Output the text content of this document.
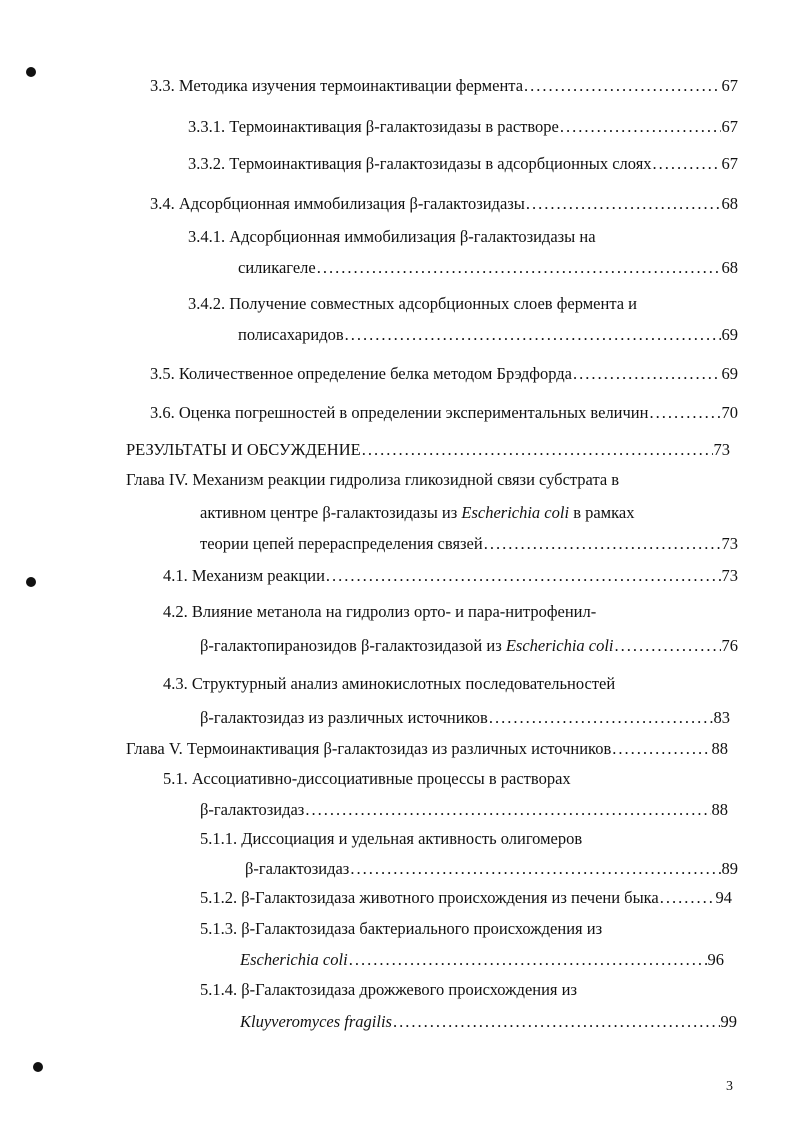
3.3. Методика изучения термоинактивации фермента .....	67
3.3.1. Термоинактивация β-галактозидазы в растворе .....	67
3.3.2. Термоинактивация β-галактозидазы в адсорбционных слоях .....	67
3.4. Адсорбционная иммобилизация β-галактозидазы .....	68
3.4.1. Адсорбционная иммобилизация β-галактозидазы на
силикагеле .....	68
3.4.2. Получение совместных адсорбционных слоев фермента и
полисахаридов .....	69
3.5. Количественное определение белка методом Брэдфорда .....	69
3.6. Оценка погрешностей в определении экспериментальных величин .....	70
РЕЗУЛЬТАТЫ И ОБСУЖДЕНИЕ .....	73
Глава IV. Механизм реакции гидролиза гликозидной связи субстрата в
активном центре β-галактозидазы из Escherichia coli в рамках
теории цепей перераспределения связей .....	73
4.1. Механизм реакции .....	73
4.2. Влияние метанола на гидролиз орто- и пара-нитрофенил-
β-галактопиранозидов β-галактозидазой из Escherichia coli .....	76
4.3. Структурный анализ аминокислотных последовательностей
β-галактозидаз из различных источников .....	83
Глава V. Термоинактивация β-галактозидаз из различных источников .....	88
5.1. Ассоциативно-диссоциативные процессы в растворах
β-галактозидаз .....	88
5.1.1. Диссоциация и удельная активность олигомеров
β-галактозидаз .....	89
5.1.2. β-Галактозидаза животного происхождения из печени быка .....	94
5.1.3. β-Галактозидаза бактериального происхождения из
Escherichia coli .....	96
5.1.4. β-Галактозидаза дрожжевого происхождения из
Kluyveromyces fragilis .....	99
3
